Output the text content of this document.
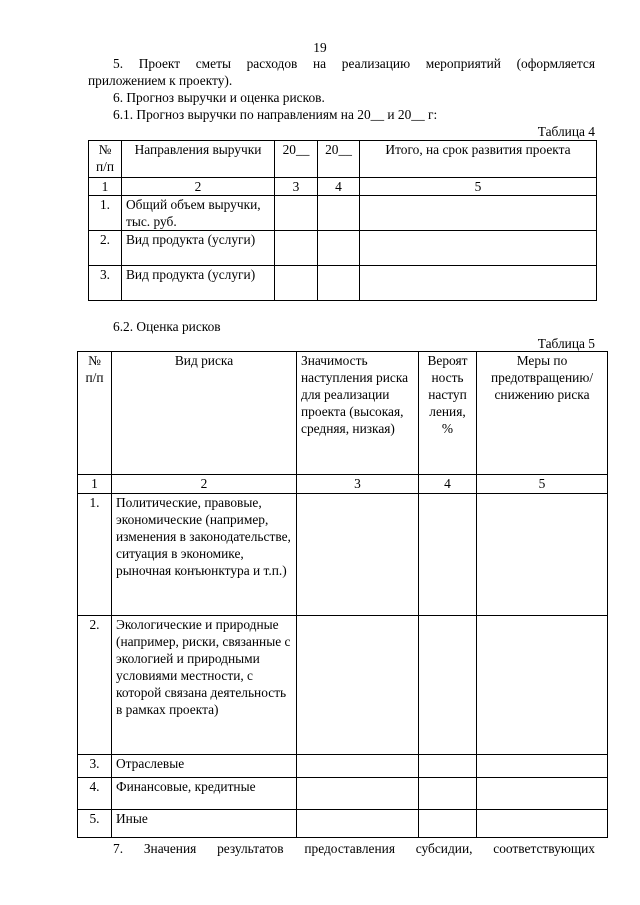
19
5. Проект сметы расходов на реализацию мероприятий (оформляется
приложением к проекту).
6. Прогноз выручки и оценка рисков.
6.1. Прогноз выручки по направлениям на 20__ и 20__ г:
Таблица 4
№ п/п	Направления выручки	20__	20__	Итого, на срок развития проекта
1	2	3	4	5
1.	Общий объем выручки, тыс. руб.			
2.	Вид продукта (услуги)			
3.	Вид продукта (услуги)			
6.2. Оценка рисков
Таблица 5
№ п/п	Вид риска	Значимость наступления риска для реализации проекта (высокая, средняя, низкая)	Вероят ность наступ ления, %	Меры по предотвращению/ снижению риска
1	2	3	4	5
1.	Политические, правовые, экономические (например, изменения в законодательстве, ситуация в экономике, рыночная конъюнктура и т.п.)			
2.	Экологические и природные (например, риски, связанные с экологией и природными условиями местности, с которой связана деятельность в рамках проекта)			
3.	Отраслевые			
4.	Финансовые, кредитные			
5.	Иные			
7. Значения результатов предоставления субсидии, соответствующих
